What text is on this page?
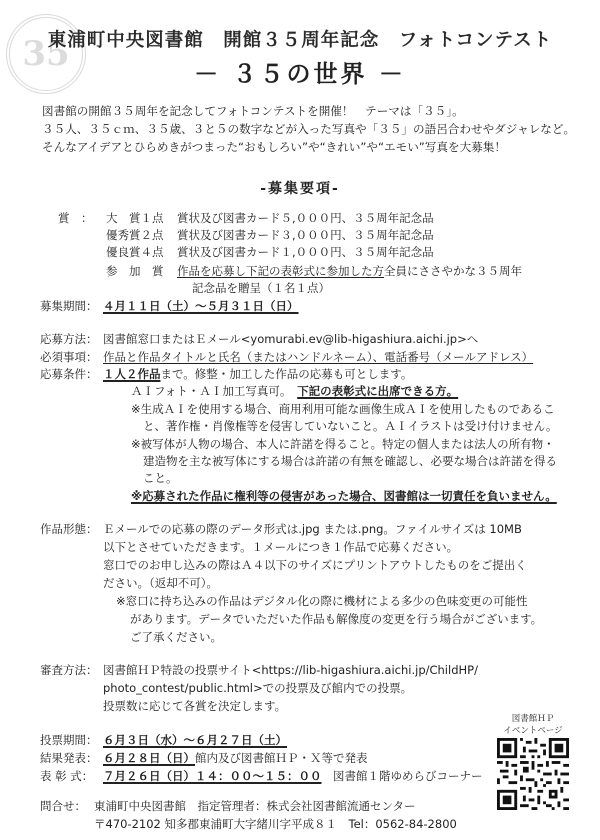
35
東浦町中央図書館　開館３５周年記念　フォトコンテスト
－ ３５の世界 －
図書館の開館３５周年を記念してフォトコンテストを開催！　テーマは「３５」。
３５人、３５ｃｍ、３５歳、３と５の数字などが入った写真や「３５」の語呂合わせやダジャレなど。
そんなアイデアとひらめきがつまった“おもしろい”や“きれい”や“エモい”写真を大募集！
-募集要項-
賞　： 大　賞１点 賞状及び図書カード５,０００円、３５周年記念品
優秀賞２点 賞状及び図書カード３,０００円、３５周年記念品
優良賞４点 賞状及び図書カード１,０００円、３５周年記念品
参　加　賞 作品を応募し下記の表彰式に参加した方全員にささやかな３５周年
記念品を贈呈（１名１点）
募集期間： ４月１１日（土）～５月３１日（日）
応募方法： 図書館窓口またはＥメール<yomurabi.ev@lib-higashiura.aichi.jp>へ
必須事項： 作品と作品タイトルと氏名（またはハンドルネーム）、電話番号（メールアドレス）
応募条件： １人２作品まで。修整・加工した作品の応募も可とします。
ＡＩフォト・ＡＩ加工写真可。　 下記の表彰式に出席できる方。
※生成ＡＩを使用する場合、商用利用可能な画像生成ＡＩを使用したものであるこ
と、著作権・肖像権等を侵害していないこと。ＡＩイラストは受け付けません。
※被写体が人物の場合、本人に許諾を得ること。特定の個人または法人の所有物・
建造物を主な被写体にする場合は許諾の有無を確認し、必要な場合は許諾を得る
こと。
※応募された作品に権利等の侵害があった場合、図書館は一切責任を負いません。
作品形態： Ｅメールでの応募の際のデータ形式は.jpg または.png。ファイルサイズは 10MB
以下とさせていただきます。１メールにつき１作品で応募ください。
窓口でのお申し込みの際はＡ４以下のサイズにプリントアウトしたものをご提出く
ださい。（返却不可）。
※窓口に持ち込みの作品はデジタル化の際に機材による多少の色味変更の可能性
があります。データでいただいた作品も解像度の変更を行う場合がございます。
ご了承ください。
審査方法： 図書館ＨＰ特設の投票サイト<https://lib-higashiura.aichi.jp/ChildHP/
photo_contest/public.html>での投票及び館内での投票。
投票数に応じて各賞を決定します。
投票期間： ６月３日（水）～６月２７日（土）
結果発表： ６月２８日（日）館内及び図書館ＨＰ・Ｘ等で発表
表 彰 式： ７月２６日（日）１４：００～１５：００　 図書館１階ゆめらびコーナー
図書館ＨＰ
イベントページ
問合せ： 東浦町中央図書館　指定管理者：株式会社図書館流通センター
〒470-2102 知多郡東浦町大字緒川字平成８１　Tel：0562-84-2800
